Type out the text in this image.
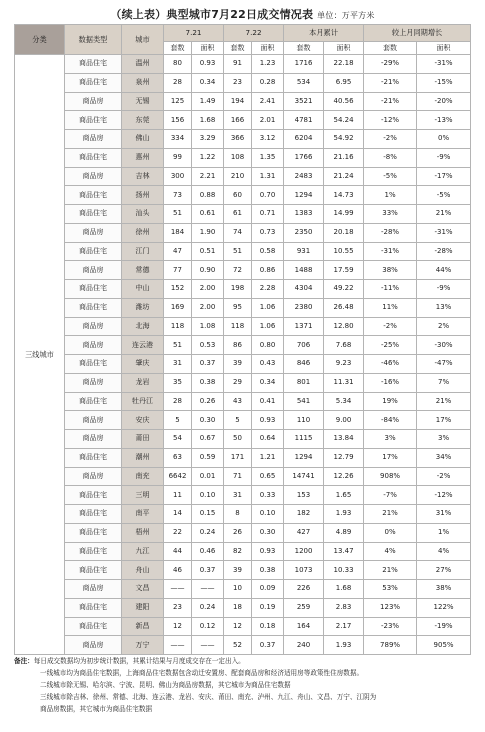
（续上表）典型城市7月22日成交情况表 单位：万平方米
分类	数据类型	城市	7.21		7.22		本月累计		较上月同期增长	
			套数	面积	套数	面积	套数	面积	套数	面积
三线城市	商品住宅	温州	80	0.93	91	1.23	1716	22.18	-29%	-31%
	商品住宅	泉州	28	0.34	23	0.28	534	6.95	-21%	-15%
	商品房	无锡	125	1.49	194	2.41	3521	40.56	-21%	-20%
	商品住宅	东莞	156	1.68	166	2.01	4781	54.24	-12%	-13%
	商品房	佛山	334	3.29	366	3.12	6204	54.92	-2%	0%
	商品住宅	惠州	99	1.22	108	1.35	1766	21.16	-8%	-9%
	商品房	吉林	300	2.21	210	1.31	2483	21.24	-5%	-17%
	商品住宅	扬州	73	0.88	60	0.70	1294	14.73	1%	-5%
	商品住宅	汕头	51	0.61	61	0.71	1383	14.99	33%	21%
	商品房	徐州	184	1.90	74	0.73	2350	20.18	-28%	-31%
	商品住宅	江门	47	0.51	51	0.58	931	10.55	-31%	-28%
	商品房	常德	77	0.90	72	0.86	1488	17.59	38%	44%
	商品住宅	中山	152	2.00	198	2.28	4304	49.22	-11%	-9%
	商品住宅	潍坊	169	2.00	95	1.06	2380	26.48	11%	13%
	商品房	北海	118	1.08	118	1.06	1371	12.80	-2%	2%
	商品房	连云港	51	0.53	86	0.80	706	7.68	-25%	-30%
	商品住宅	肇庆	31	0.37	39	0.43	846	9.23	-46%	-47%
	商品房	龙岩	35	0.38	29	0.34	801	11.31	-16%	7%
	商品住宅	牡丹江	28	0.26	43	0.41	541	5.34	19%	21%
	商品房	安庆	5	0.30	5	0.93	110	9.00	-84%	17%
	商品房	莆田	54	0.67	50	0.64	1115	13.84	3%	3%
	商品住宅	潮州	63	0.59	171	1.21	1294	12.79	17%	34%
	商品房	南充	6642	0.01	71	0.65	14741	12.26	908%	-2%
	商品住宅	三明	11	0.10	31	0.33	153	1.65	-7%	-12%
	商品住宅	南平	14	0.15	8	0.10	182	1.93	21%	31%
	商品住宅	梧州	22	0.24	26	0.30	427	4.89	0%	1%
	商品住宅	九江	44	0.46	82	0.93	1200	13.47	4%	4%
	商品住宅	舟山	46	0.37	39	0.38	1073	10.33	21%	27%
	商品房	文昌	——	——	10	0.09	226	1.68	53%	38%
	商品住宅	建阳	23	0.24	18	0.19	259	2.83	123%	122%
	商品住宅	新昌	12	0.12	12	0.18	164	2.17	-23%	-19%
	商品房	万宁	——	——	52	0.37	240	1.93	789%	905%
备注：每日成交数据均为初步统计数据，其累计结果与月度成交存在一定出入。
一线城市均为商品住宅数据，上海商品住宅数据包含动迁安置房、配套商品房和经济适用房等政策性住房数据。
二线城市除无锡、哈尔滨、宁波、昆明、佛山为商品房数据，其它城市为商品住宅数据
三线城市除吉林、徐州、常德、北海、连云港、龙岩、安庆、莆田、南充、泸州、九江、舟山、文昌、万宁、江阴为
商品房数据，其它城市为商品住宅数据
